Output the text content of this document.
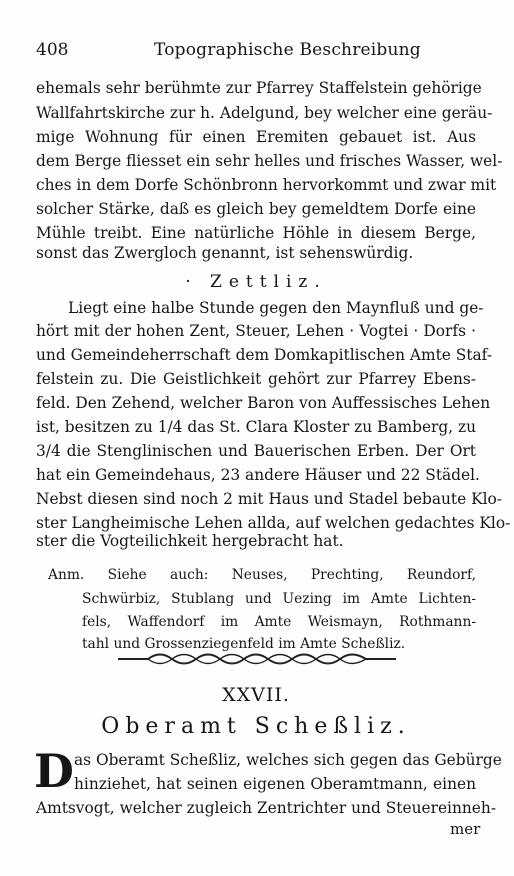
408	Topographische Beschreibung
ehemals sehr berühmte zur Pfarrey Staffelstein gehörige
Wallfahrtskirche zur h. Adelgund, bey welcher eine geräu-
mige Wohnung für einen Eremiten gebauet ist. Aus
dem Berge fliesset ein sehr helles und frisches Wasser, wel-
ches in dem Dorfe Schönbronn hervorkommt und zwar mit
solcher Stärke, daß es gleich bey gemeldtem Dorfe eine
Mühle treibt. Eine natürliche Höhle in diesem Berge,
sonst das Zwergloch genannt, ist sehenswürdig.
· Zettliz.
Liegt eine halbe Stunde gegen den Maynfluß und ge-
hört mit der hohen Zent, Steuer, Lehen · Vogtei · Dorfs ·
und Gemeindeherrschaft dem Domkapitlischen Amte Staf-
felstein zu. Die Geistlichkeit gehört zur Pfarrey Ebens-
feld. Den Zehend, welcher Baron von Auffessisches Lehen
ist, besitzen zu 1/4 das St. Clara Kloster zu Bamberg, zu
3/4 die Stenglinischen und Bauerischen Erben. Der Ort
hat ein Gemeindehaus, 23 andere Häuser und 22 Städel.
Nebst diesen sind noch 2 mit Haus und Stadel bebaute Klo-
ster Langheimische Lehen allda, auf welchen gedachtes Klo-
ster die Vogteilichkeit hergebracht hat.
Anm. Siehe auch: Neuses, Prechting, Reundorf,
Schwürbiz, Stublang und Uezing im Amte Lichten-
fels, Waffendorf im Amte Weismayn, Rothmann-
tahl und Grossenziegenfeld im Amte Scheßliz.
XXVII.
Oberamt Scheßliz.
D as Oberamt Scheßliz, welches sich gegen das Gebürge
hinziehet, hat seinen eigenen Oberamtmann, einen
Amtsvogt, welcher zugleich Zentrichter und Steuereinneh-
mer
